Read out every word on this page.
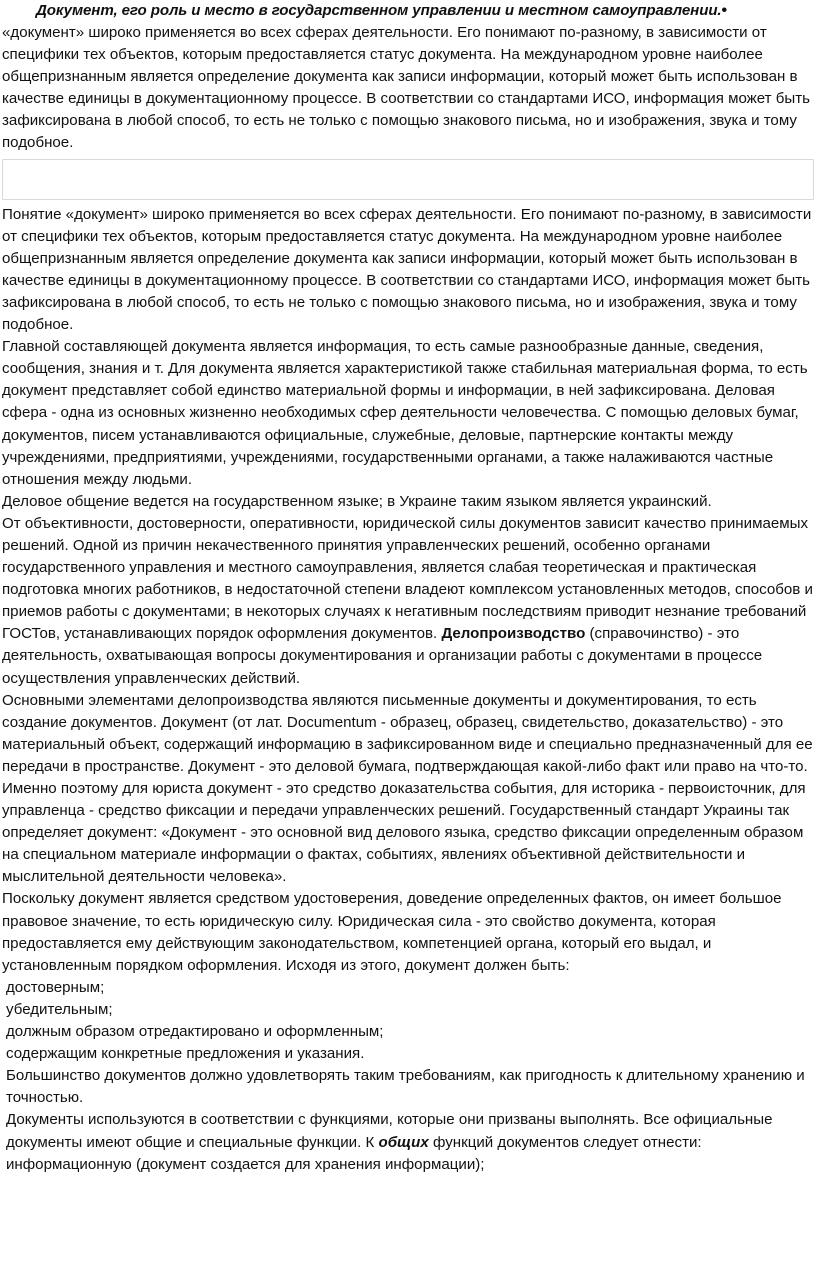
Документ, его роль и место в государственном управлении и местном самоуправлении.•

«документ» широко применяется во всех сферах деятельности. Его понимают по-разному, в зависимости от специфики тех объектов, которым предоставляется статус документа. На международном уровне наиболее общепризнанным является определение документа как записи информации, который может быть использован в качестве единицы в документационному процессе. В соответствии со стандартами ИСО, информация может быть зафиксирована в любой способ, то есть не только с помощью знакового письма, но и изображения, звука и тому подобное.

Понятие «документ» широко применяется во всех сферах деятельности. Его понимают по-разному, в зависимости от специфики тех объектов, которым предоставляется статус документа. На международном уровне наиболее общепризнанным является определение документа как записи информации, который может быть использован в качестве единицы в документационному процессе. В соответствии со стандартами ИСО, информация может быть зафиксирована в любой способ, то есть не только с помощью знакового письма, но и изображения, звука и тому подобное.

Главной составляющей документа является информация, то есть самые разнообразные данные, сведения, сообщения, знания и т. Для документа является характеристикой также стабильная материальная форма, то есть документ представляет собой единство материальной формы и информации, в ней зафиксирована. Деловая сфера - одна из основных жизненно необходимых сфер деятельности человечества. С помощью деловых бумаг, документов, писем устанавливаются официальные, служебные, деловые, партнерские контакты между учреждениями, предприятиями, учреждениями, государственными органами, а также налаживаются частные отношения между людьми.

Деловое общение ведется на государственном языке; в Украине таким языком является украинский.

От объективности, достоверности, оперативности, юридической силы документов зависит качество принимаемых решений. Одной из причин некачественного принятия управленческих решений, особенно органами государственного управления и местного самоуправления, является слабая теоретическая и практическая подготовка многих работников, в недостаточной степени владеют комплексом установленных методов, способов и приемов работы с документами; в некоторых случаях к негативным последствиям приводит незнание требований ГОСТов, устанавливающих порядок оформления документов. Делопроизводство (справочинство) - это деятельность, охватывающая вопросы документирования и организации работы с документами в процессе осуществления управленческих действий.

Основными элементами делопроизводства являются письменные документы и документирования, то есть создание документов. Документ (от лат. Documentum - образец, образец, свидетельство, доказательство) - это материальный объект, содержащий информацию в зафиксированном виде и специально предназначенный для ее передачи в пространстве. Документ - это деловой бумага, подтверждающая какой-либо факт или право на что-то. Именно поэтому для юриста документ - это средство доказательства события, для историка - первоисточник, для управленца - средство фиксации и передачи управленческих решений. Государственный стандарт Украины так определяет документ: «Документ - это основной вид делового языка, средство фиксации определенным образом на специальном материале информации о фактах, событиях, явлениях объективной действительности и мыслительной деятельности человека».

Поскольку документ является средством удостоверения, доведение определенных фактов, он имеет большое правовое значение, то есть юридическую силу. Юридическая сила - это свойство документа, которая предоставляется ему действующим законодательством, компетенцией органа, который его выдал, и установленным порядком оформления. Исходя из этого, документ должен быть:

достоверным;

убедительным;

должным образом отредактировано и оформленным;

содержащим конкретные предложения и указания.

Большинство документов должно удовлетворять таким требованиям, как пригодность к длительному хранению и точностью.

Документы используются в соответствии с функциями, которые они призваны выполнять. Все официальные документы имеют общие и специальные функции. К общих функций документов следует отнести:

информационную (документ создается для хранения информации);
